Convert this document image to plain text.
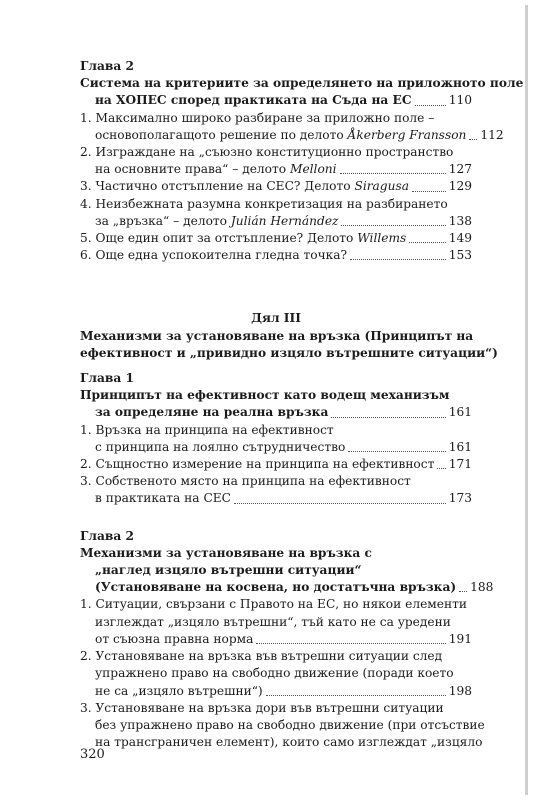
Глава 2
Система на критериите за определянето на приложното поле
на ХОПЕС според практиката на Съда на ЕС	110
1. Максимално широко разбиране за приложно поле –
основополагащото решение по делото Åkerberg Fransson 112
2. Изграждане на „съюзно конституционно пространство
на основните права“ – делото Melloni	127
3. Частично отстъпление на СЕС? Делото Siragusa	129
4. Неизбежната разумна конкретизация на разбирането
за „връзка“ – делото Julián Hernández	138
5. Още един опит за отстъпление? Делото Willems	149
6. Още една успокоителна гледна точка?	153
Дял III
Механизми за установяване на връзка (Принципът на
ефективност и „привидно изцяло вътрешните ситуации“)
Глава 1
Принципът на ефективност като водещ механизъм
за определяне на реална връзка	161
1. Връзка на принципа на ефективност
с принципа на лоялно сътрудничество	161
2. Същностно измерение на принципа на ефективност 171
3. Собственото място на принципа на ефективност
в практиката на СЕС	173
Глава 2
Механизми за установяване на връзка с
„наглед изцяло вътрешни ситуации“
(Установяване на косвена, но достатъчна връзка) 188
1. Ситуации, свързани с Правото на ЕС, но някои елементи
изглеждат „изцяло вътрешни“, тъй като не са уредени
от съюзна правна норма	191
2. Установяване на връзка във вътрешни ситуации след
упражнено право на свободно движение (поради което
не са „изцяло вътрешни“)	198
3. Установяване на връзка дори във вътрешни ситуации
без упражнено право на свободно движение (при отсъствие
на трансграничен елемент), които само изглеждат „изцяло
320
